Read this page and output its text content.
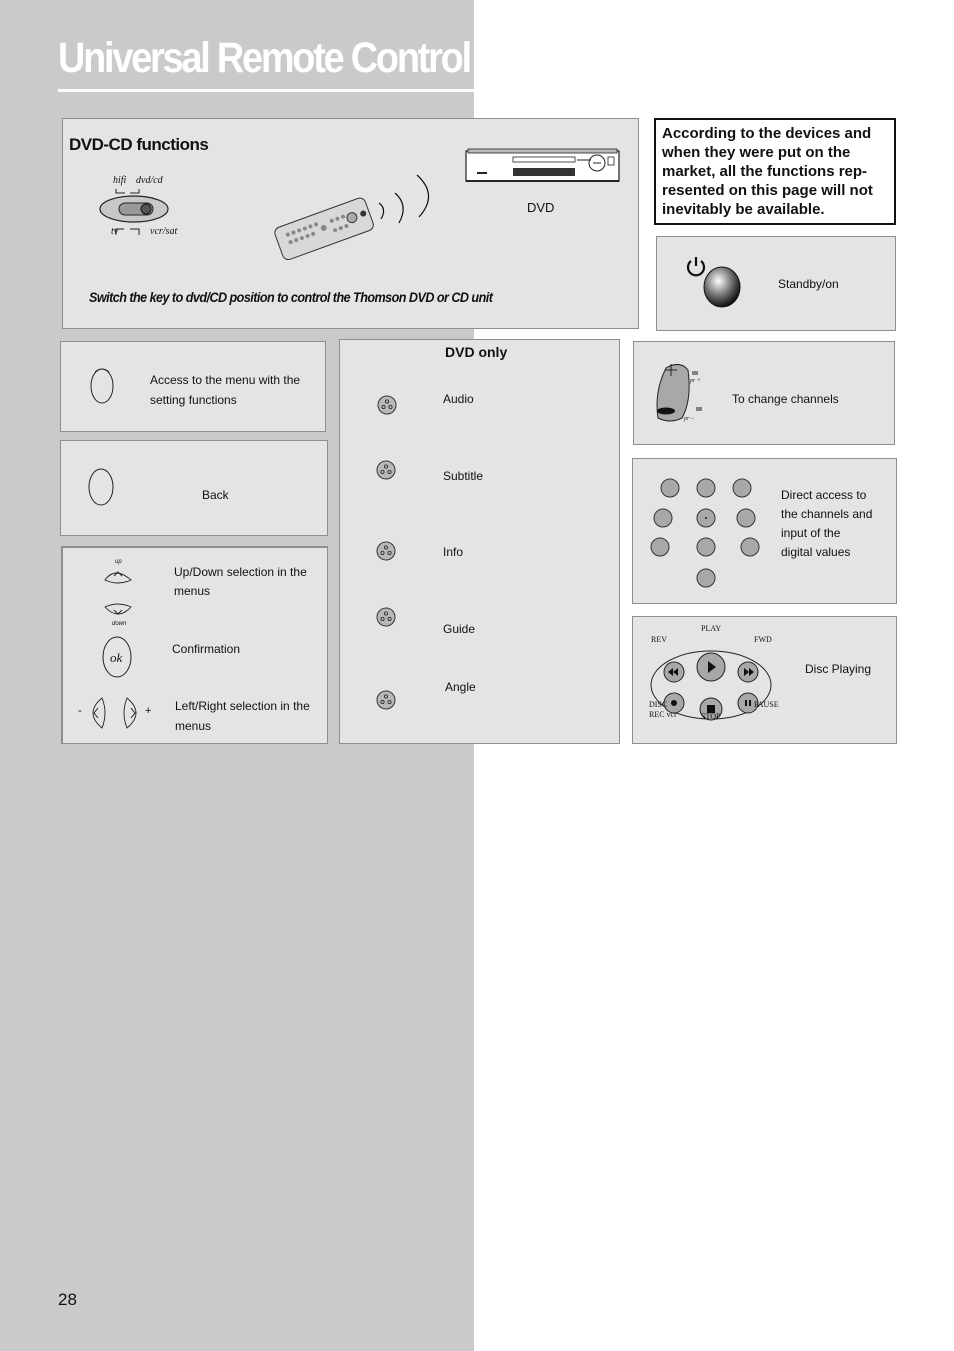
Universal Remote Control
DVD-CD functions
hifi dvd/cd
tv	vcr/sat
DVD
Switch the key to dvd/CD position to control the Thomson DVD or CD unit
According to the devices and when they were put on the market, all the functions rep- resented on this page will not inevitably be available.
Standby/on
Access to the menu with the
setting functions
Back
up
down
Up/Down selection in the
menus
ok
Confirmation
-	+ Left/Right selection in the
menus
DVD only
Audio
Subtitle
Info
Guide
Angle
pr +
pr –
To change channels
Direct access to
the channels and
input of the
digital values
REV
PLAY
FWD
DISC
REC vcr	STOP
PAUSE
Disc Playing
28
